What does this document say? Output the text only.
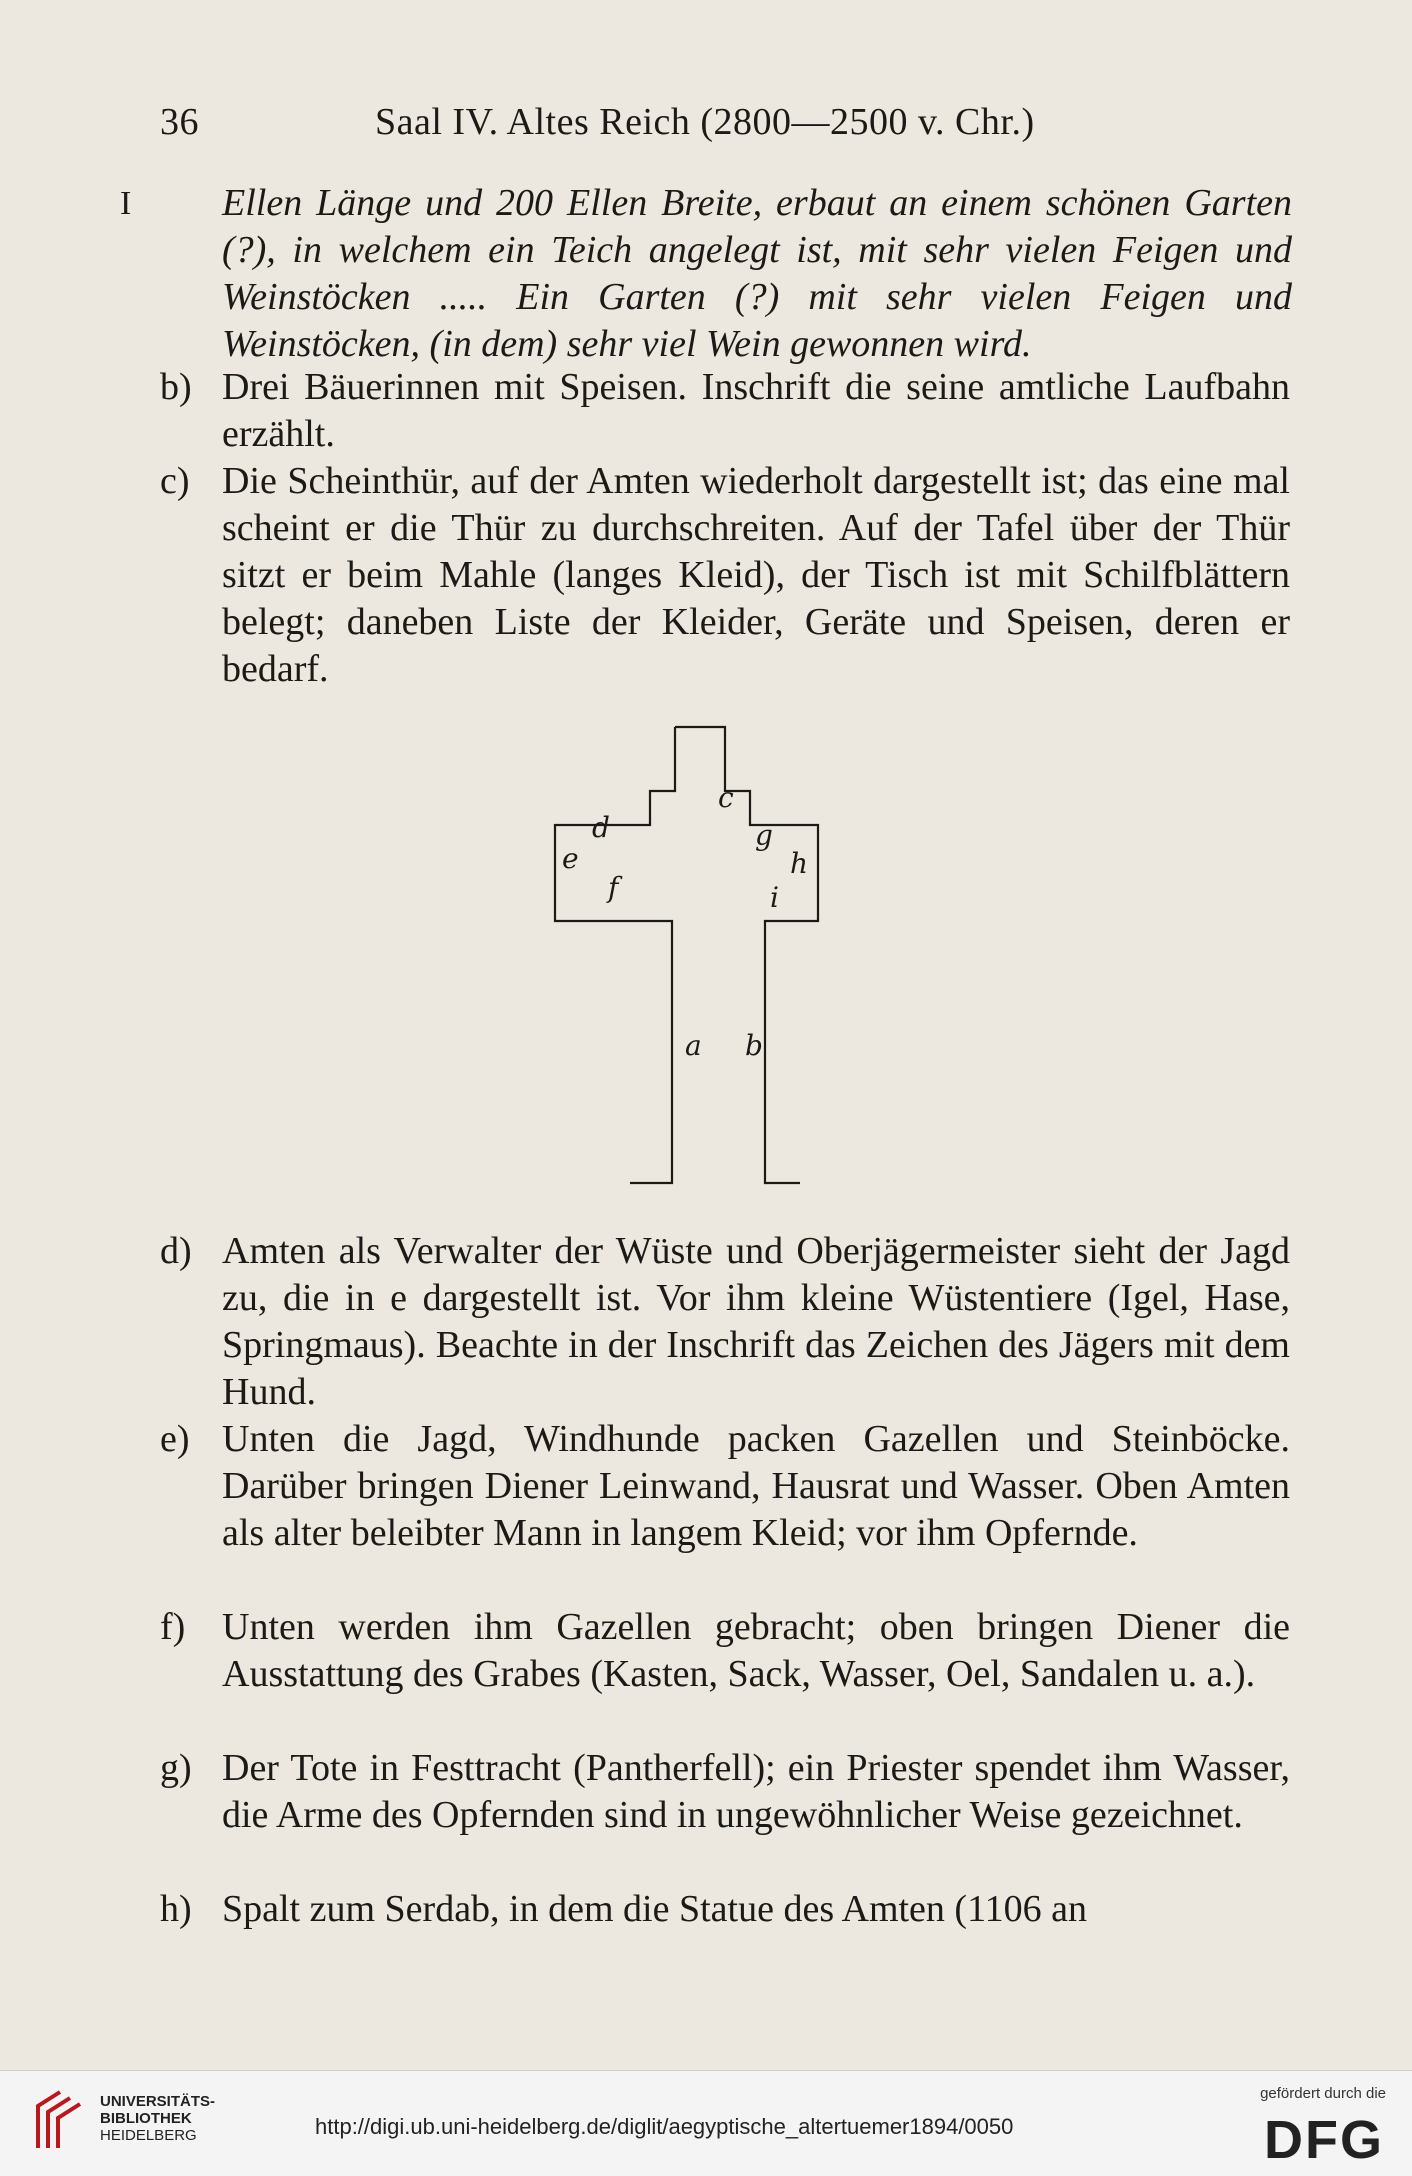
36	Saal IV. Altes Reich (2800—2500 v. Chr.)
I Ellen Länge und 200 Ellen Breite, erbaut an einem schönen Garten (?), in welchem ein Teich angelegt ist, mit sehr vielen Feigen und Weinstöcken ..... Ein Garten (?) mit sehr vielen Feigen und Weinstöcken, (in dem) sehr viel Wein gewonnen wird.
b) Drei Bäuerinnen mit Speisen. Inschrift die seine amtliche Laufbahn erzählt.
c) Die Scheinthür, auf der Amten wiederholt dargestellt ist; das eine mal scheint er die Thür zu durchschreiten. Auf der Tafel über der Thür sitzt er beim Mahle (langes Kleid), der Tisch ist mit Schilfblättern belegt; daneben Liste der Kleider, Geräte und Speisen, deren er bedarf.
c
d
e
f
g
h
i
a b
d) Amten als Verwalter der Wüste und Oberjägermeister sieht der Jagd zu, die in e dargestellt ist. Vor ihm kleine Wüstentiere (Igel, Hase, Springmaus). Beachte in der Inschrift das Zeichen des Jägers mit dem Hund.
e) Unten die Jagd, Windhunde packen Gazellen und Steinböcke. Darüber bringen Diener Leinwand, Hausrat und Wasser. Oben Amten als alter beleibter Mann in langem Kleid; vor ihm Opfernde.
f) Unten werden ihm Gazellen gebracht; oben bringen Diener die Ausstattung des Grabes (Kasten, Sack, Wasser, Oel, Sandalen u. a.).
g) Der Tote in Festtracht (Pantherfell); ein Priester spendet ihm Wasser, die Arme des Opfernden sind in ungewöhnlicher Weise gezeichnet.
h) Spalt zum Serdab, in dem die Statue des Amten (1106 an
UNIVERSITÄTS-
BIBLIOTHEK
HEIDELBERG	http://digi.ub.uni-heidelberg.de/diglit/aegyptische_altertuemer1894/0050
gefördert durch die
DFG
